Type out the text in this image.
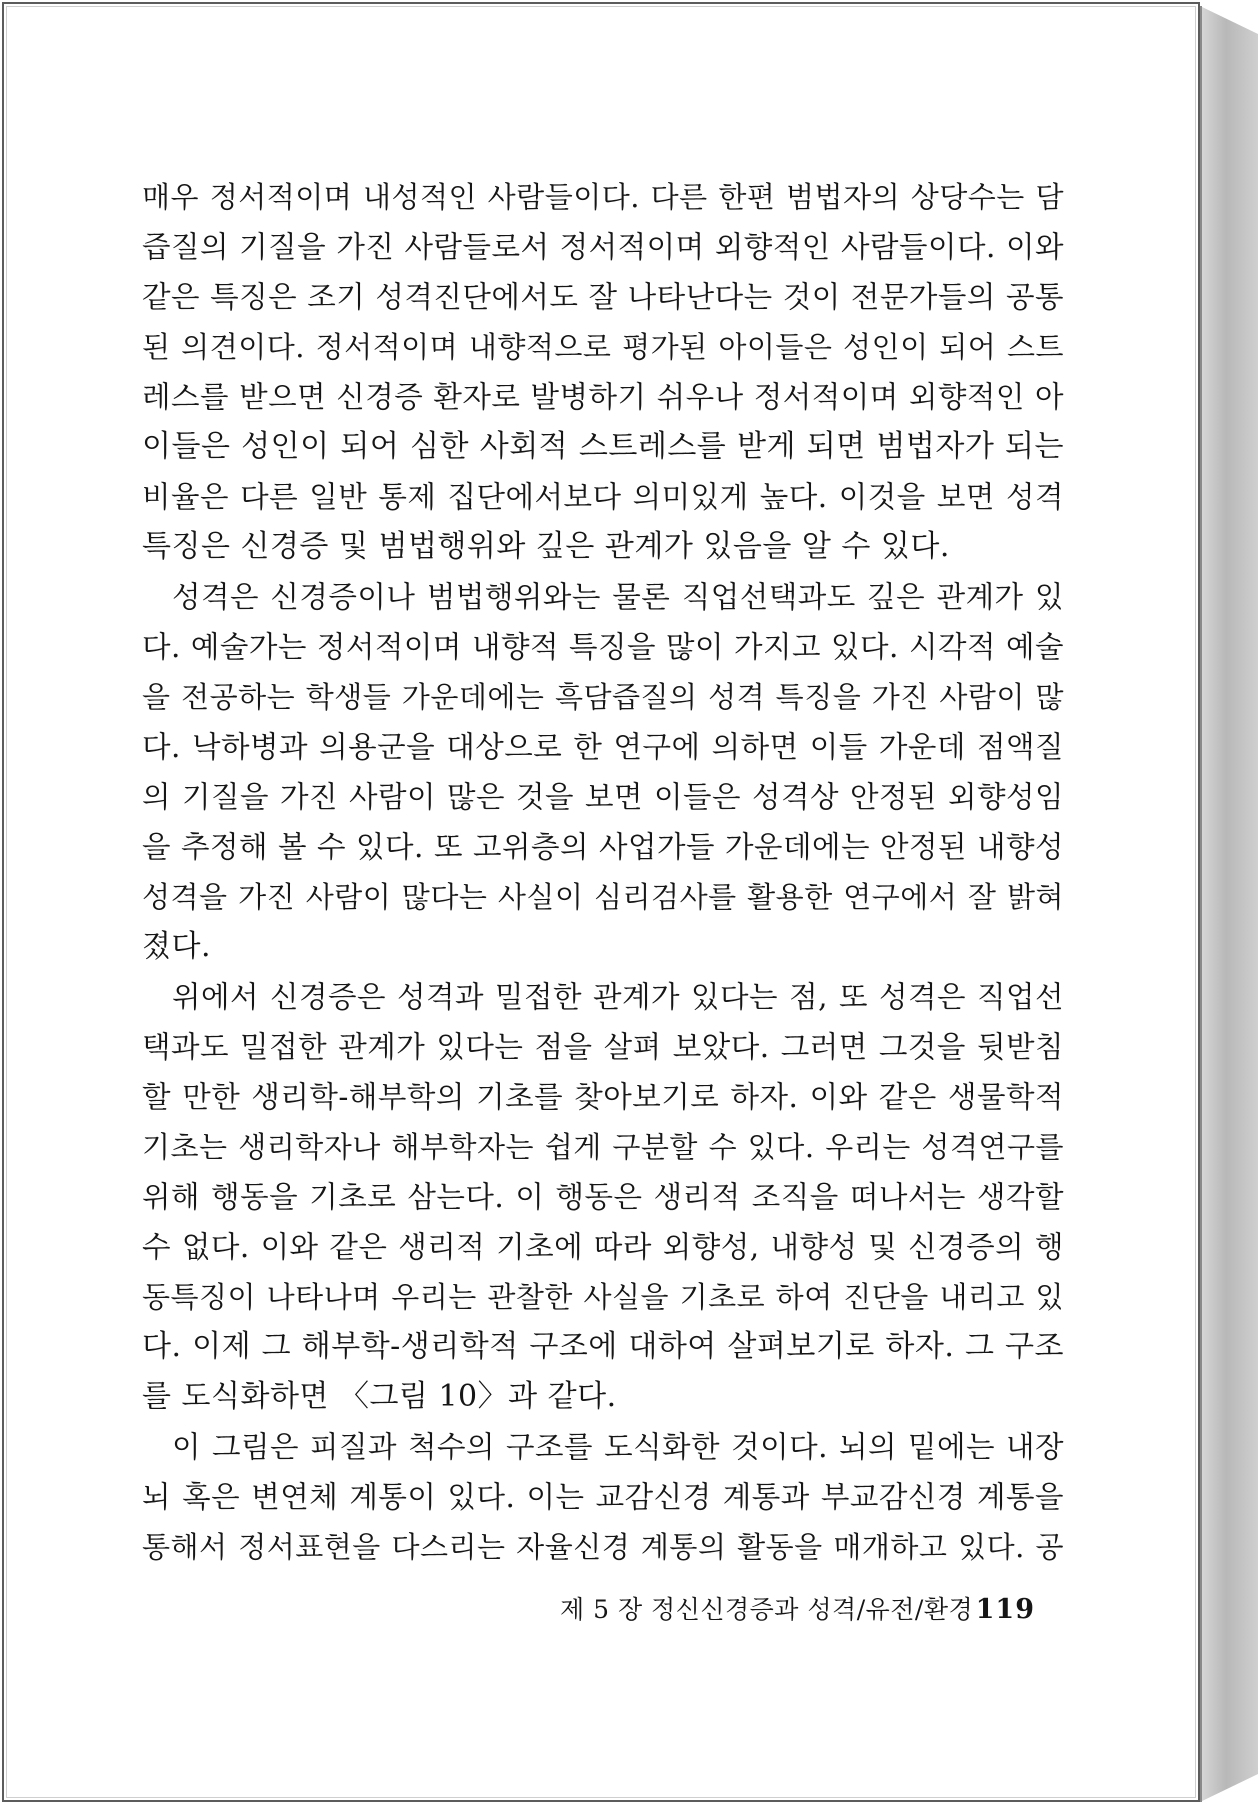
매우 정서적이며 내성적인 사람들이다. 다른 한편 범법자의 상당수는 담
즙질의 기질을 가진 사람들로서 정서적이며 외향적인 사람들이다. 이와
같은 특징은 조기 성격진단에서도 잘 나타난다는 것이 전문가들의 공통
된 의견이다. 정서적이며 내향적으로 평가된 아이들은 성인이 되어 스트
레스를 받으면 신경증 환자로 발병하기 쉬우나 정서적이며 외향적인 아
이들은 성인이 되어 심한 사회적 스트레스를 받게 되면 범법자가 되는
비율은 다른 일반 통제 집단에서보다 의미있게 높다. 이것을 보면 성격
특징은 신경증 및 범법행위와 깊은 관계가 있음을 알 수 있다.
성격은 신경증이나 범법행위와는 물론 직업선택과도 깊은 관계가 있
다. 예술가는 정서적이며 내향적 특징을 많이 가지고 있다. 시각적 예술
을 전공하는 학생들 가운데에는 흑담즙질의 성격 특징을 가진 사람이 많
다. 낙하병과 의용군을 대상으로 한 연구에 의하면 이들 가운데 점액질
의 기질을 가진 사람이 많은 것을 보면 이들은 성격상 안정된 외향성임
을 추정해 볼 수 있다. 또 고위층의 사업가들 가운데에는 안정된 내향성
성격을 가진 사람이 많다는 사실이 심리검사를 활용한 연구에서 잘 밝혀
졌다.
위에서 신경증은 성격과 밀접한 관계가 있다는 점, 또 성격은 직업선
택과도 밀접한 관계가 있다는 점을 살펴 보았다. 그러면 그것을 뒷받침
할 만한 생리학-해부학의 기초를 찾아보기로 하자. 이와 같은 생물학적
기초는 생리학자나 해부학자는 쉽게 구분할 수 있다. 우리는 성격연구를
위해 행동을 기초로 삼는다. 이 행동은 생리적 조직을 떠나서는 생각할
수 없다. 이와 같은 생리적 기초에 따라 외향성, 내향성 및 신경증의 행
동특징이 나타나며 우리는 관찰한 사실을 기초로 하여 진단을 내리고 있
다. 이제 그 해부학-생리학적 구조에 대하여 살펴보기로 하자. 그 구조
를 도식화하면 〈그림 10〉과 같다.
이 그림은 피질과 척수의 구조를 도식화한 것이다. 뇌의 밑에는 내장
뇌 혹은 변연체 계통이 있다. 이는 교감신경 계통과 부교감신경 계통을
통해서 정서표현을 다스리는 자율신경 계통의 활동을 매개하고 있다. 공
제 5 장 정신신경증과 성격/유전/환경 119
